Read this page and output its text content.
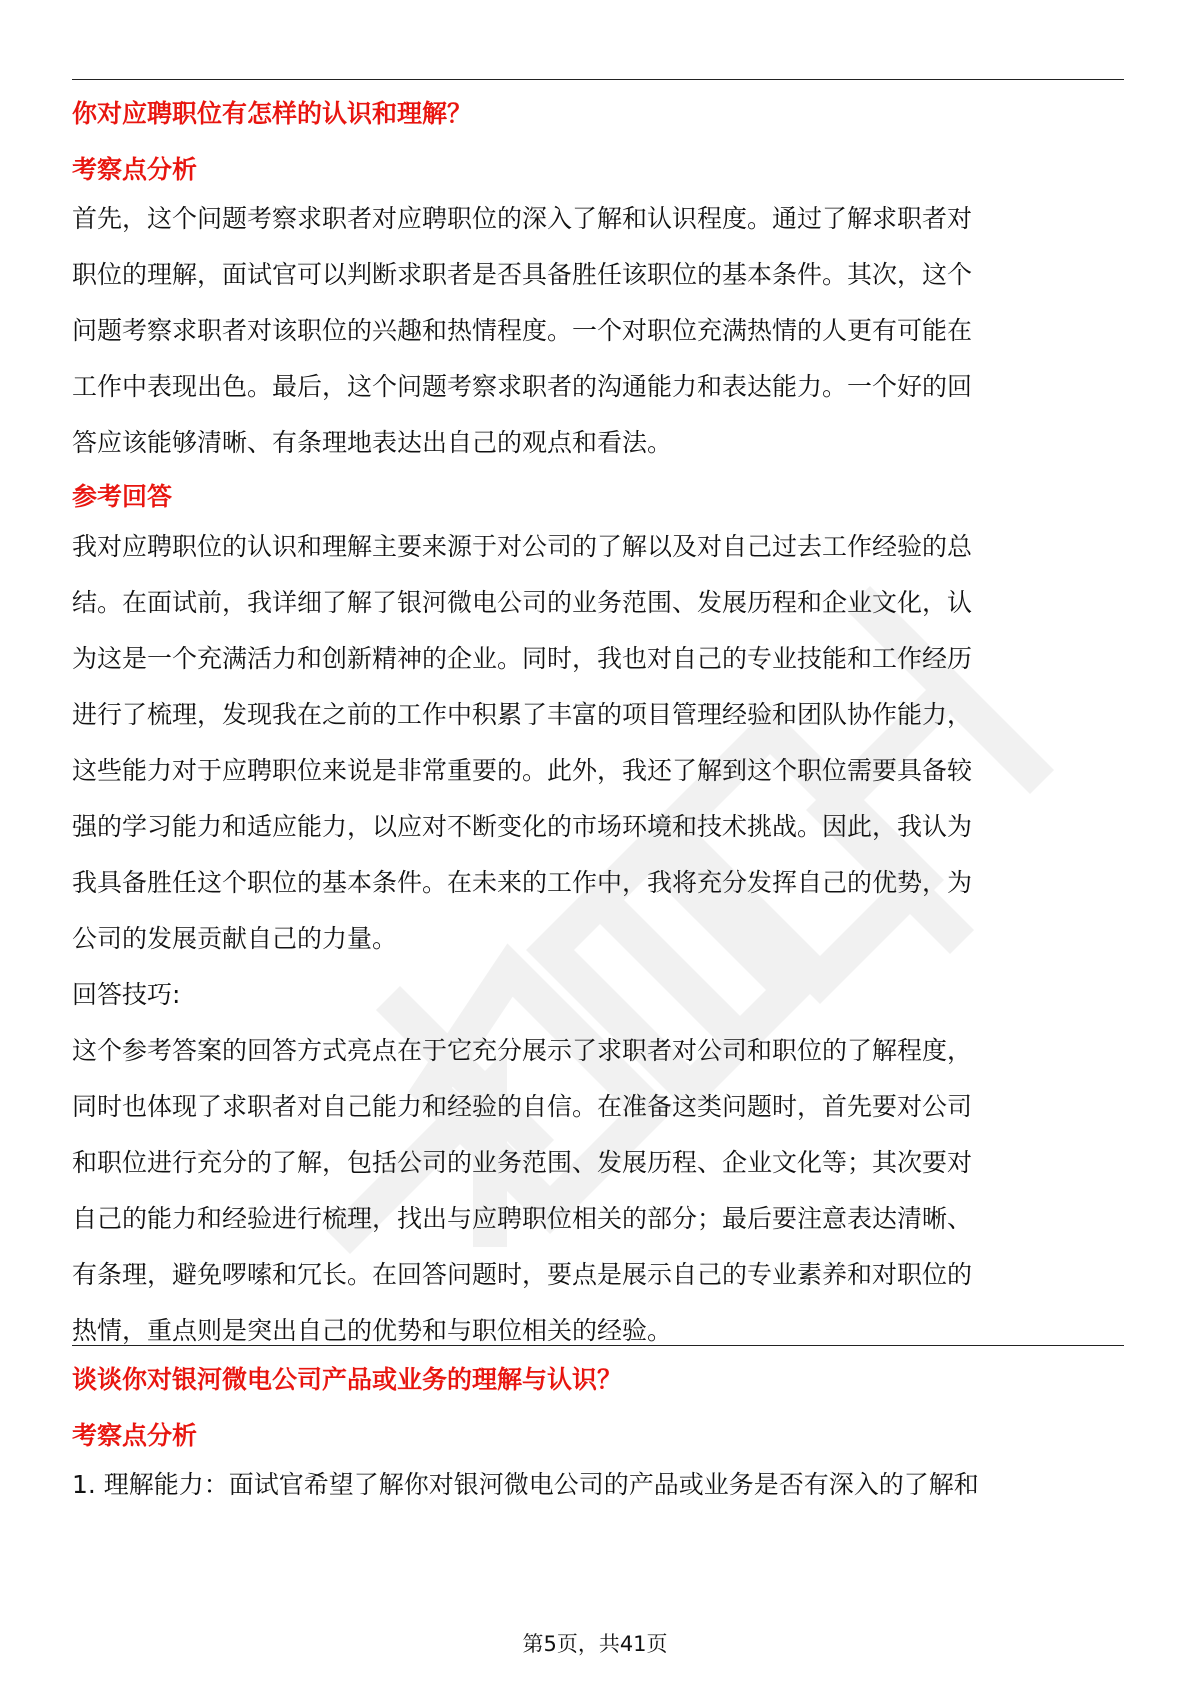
你对应聘职位有怎样的认识和理解？
考察点分析
首先，这个问题考察求职者对应聘职位的深入了解和认识程度。通过了解求职者对
职位的理解，面试官可以判断求职者是否具备胜任该职位的基本条件。其次，这个
问题考察求职者对该职位的兴趣和热情程度。一个对职位充满热情的人更有可能在
工作中表现出色。最后，这个问题考察求职者的沟通能力和表达能力。一个好的回
答应该能够清晰、有条理地表达出自己的观点和看法。
参考回答
我对应聘职位的认识和理解主要来源于对公司的了解以及对自己过去工作经验的总
结。在面试前，我详细了解了银河微电公司的业务范围、发展历程和企业文化，认
为这是一个充满活力和创新精神的企业。同时，我也对自己的专业技能和工作经历
进行了梳理，发现我在之前的工作中积累了丰富的项目管理经验和团队协作能力，
这些能力对于应聘职位来说是非常重要的。此外，我还了解到这个职位需要具备较
强的学习能力和适应能力，以应对不断变化的市场环境和技术挑战。因此，我认为
我具备胜任这个职位的基本条件。在未来的工作中，我将充分发挥自己的优势，为
公司的发展贡献自己的力量。
回答技巧:
这个参考答案的回答方式亮点在于它充分展示了求职者对公司和职位的了解程度，
同时也体现了求职者对自己能力和经验的自信。在准备这类问题时，首先要对公司
和职位进行充分的了解，包括公司的业务范围、发展历程、企业文化等；其次要对
自己的能力和经验进行梳理，找出与应聘职位相关的部分；最后要注意表达清晰、
有条理，避免啰嗦和冗长。在回答问题时，要点是展示自己的专业素养和对职位的
热情，重点则是突出自己的优势和与职位相关的经验。
谈谈你对银河微电公司产品或业务的理解与认识？
考察点分析
1. 理解能力：面试官希望了解你对银河微电公司的产品或业务是否有深入的了解和
第5页，共41页
